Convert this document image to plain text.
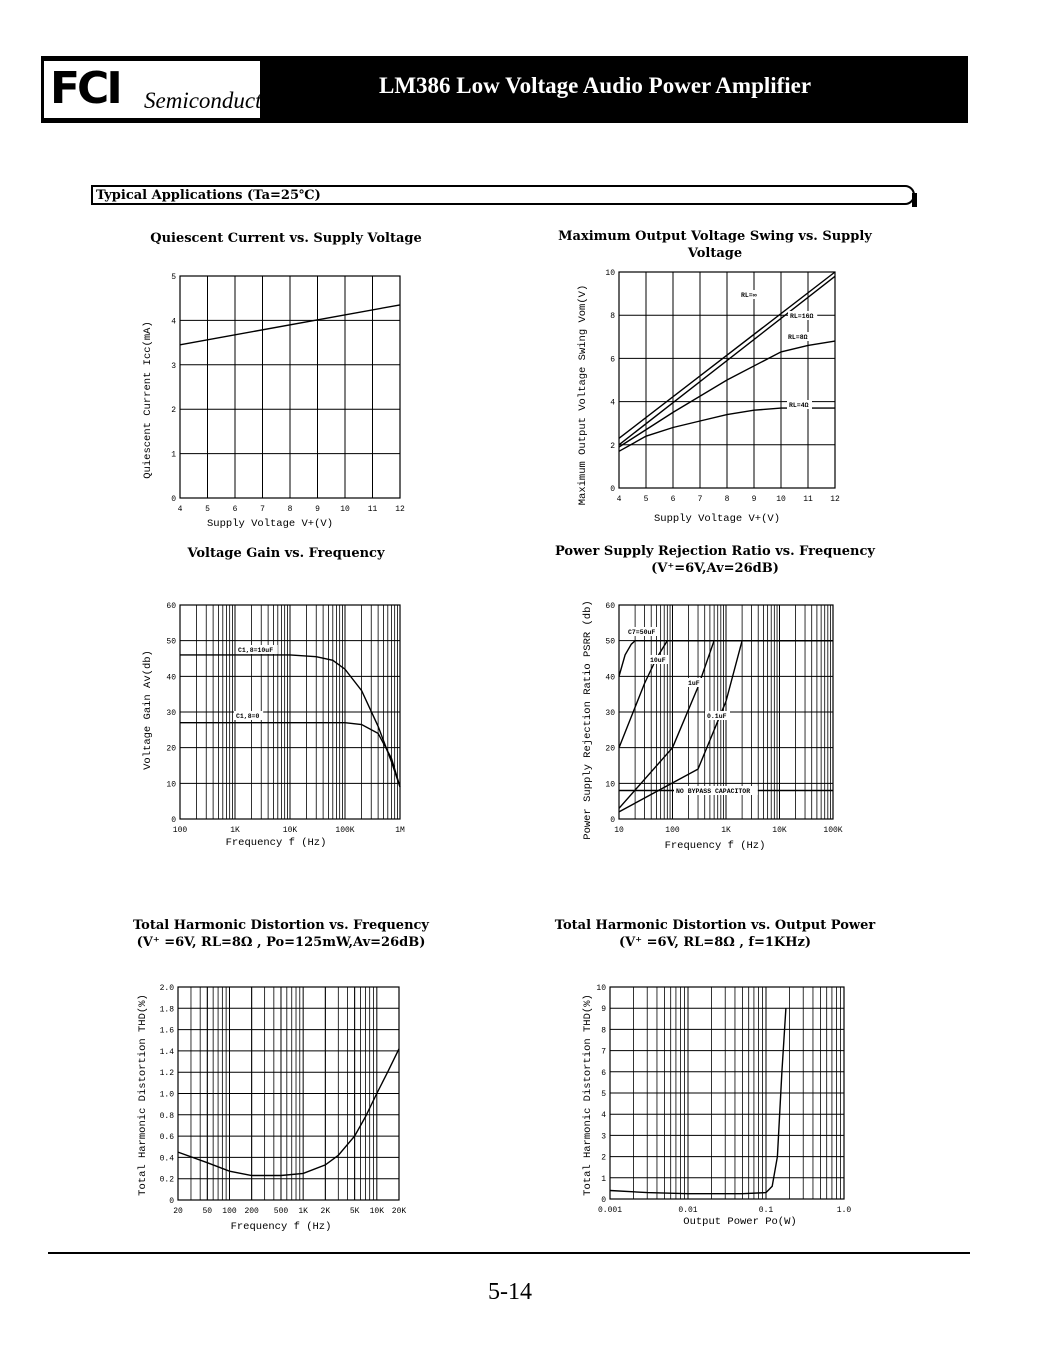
FCI Semiconductor
LM386 Low Voltage Audio Power Amplifier
Typical Applications (Ta=25℃)
Quiescent Current vs. Supply Voltage	Maximum Output Voltage Swing vs. Supply
Voltage
Voltage Gain vs. Frequency	Power Supply Rejection Ratio vs. Frequency
(V⁺=6V,Av=26dB)
Total Harmonic Distortion vs. Frequency
(V⁺ =6V, RL=8Ω , Po=125mW,Av=26dB)
Total Harmonic Distortion vs. Output Power
(V⁺ =6V, RL=8Ω , f=1KHz)
4	5	6	7	8	9	10 11 12
0
1
2
3
4
5
Quiescent Current Icc(mA)
Supply Voltage V+(V)
4	5	6	7	8	9 10 11 12
0
2
4
6
8
10
RL=∞
RL=16Ω
RL=8Ω
RL=4Ω
Maximum Output Voltage Swing Vom(V)
Supply Voltage V+(V)
100	1K	10K	100K	1M
0
10
20
30
40
50
60
C1,8=10uF
C1,8=0
Voltage Gain Av(db)
Frequency f (Hz)
10	100	1K	10K	100K
0
10
20
30
40
50
60
C7=50uF
10uF
1uF
0.1uF
NO BYPASS CAPACITOR
Power Supply Rejection Ratio PSRR (db)
Frequency f (Hz)
20 50 100 200 500 1K 2K 5K 10K 20K
0
0.2
0.4
0.6
0.8
1.0
1.2
1.4
1.6
1.8
2.0
Total Harmonic Distortion THD(%)
Frequency f (Hz)
0.001	0.01	0.1	1.0
0
1
2
3
4
5
6
7
8
9
10
Total Harmonic Distortion THD(%)
Output Power Po(W)
5-14
